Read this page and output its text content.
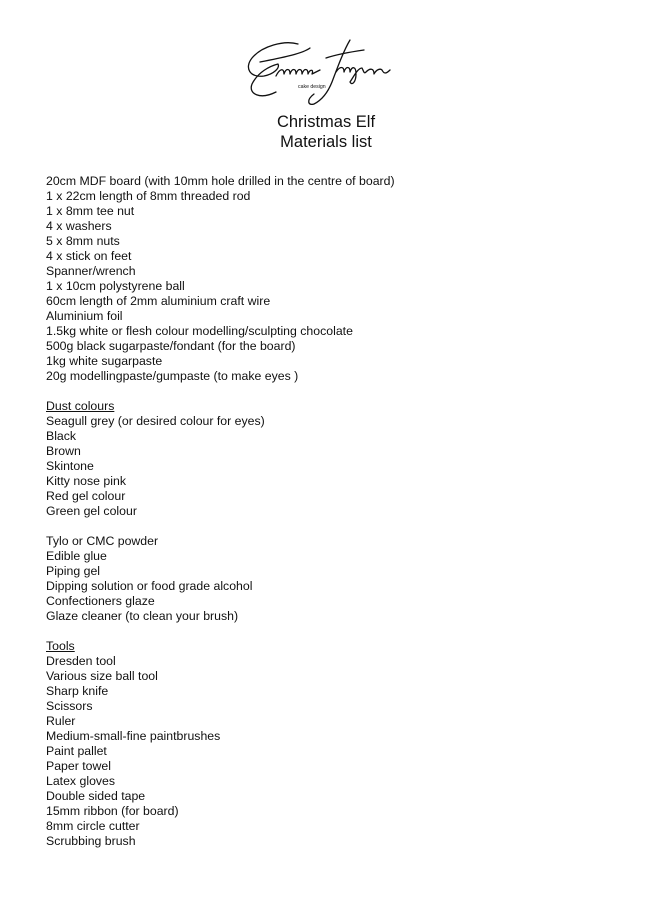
cake design
Christmas Elf
Materials list
20cm MDF board (with 10mm hole drilled in the centre of board)
1 x 22cm length of 8mm threaded rod
1 x 8mm tee nut
4 x washers
5 x 8mm nuts
4 x stick on feet
Spanner/wrench
1 x 10cm polystyrene ball
60cm length of 2mm aluminium craft wire
Aluminium foil
1.5kg white or flesh colour modelling/sculpting chocolate
500g black sugarpaste/fondant (for the board)
1kg white sugarpaste
20g modellingpaste/gumpaste (to make eyes )
Dust colours
Seagull grey (or desired colour for eyes)
Black
Brown
Skintone
Kitty nose pink
Red gel colour
Green gel colour
Tylo or CMC powder
Edible glue
Piping gel
Dipping solution or food grade alcohol
Confectioners glaze
Glaze cleaner (to clean your brush)
Tools
Dresden tool
Various size ball tool
Sharp knife
Scissors
Ruler
Medium-small-fine paintbrushes
Paint pallet
Paper towel
Latex gloves
Double sided tape
15mm ribbon (for board)
8mm circle cutter
Scrubbing brush
